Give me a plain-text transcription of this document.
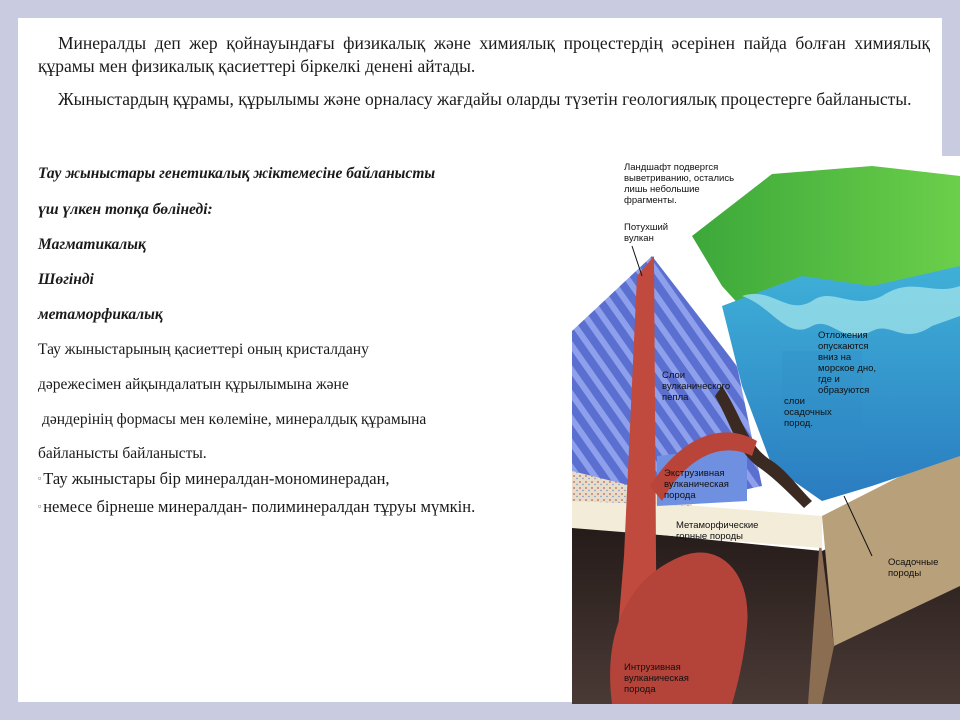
Минералды деп жер қойнауындағы физикалық және химиялық процестердің әсерінен пайда болған химиялық құрамы мен физикалық қасиеттері біркелкі денені айтады.

Жыныстардың құрамы, құрылымы және орналасу жағдайы оларды түзетін геологиялық процестерге байланысты.

Тау жыныстары генетикалық жіктемесіне байланысты
үш үлкен топқа бөлінеді:
Магматикалық
Шөгінді
метаморфикалық
Тау жыныстарының қасиеттері оның кристалдану
дәрежесімен айқындалатын құрылымына және
дәндерінің формасы мен көлеміне, минералдық құрамына
байланысты байланысты.
▫ Тау жыныстары бір минералдан-мономинерадан,
▫ немесе бірнеше минералдан- полиминералдан тұруы мүмкін.
Ландшафт подвергся
выветриванию, остались
лишь небольшие
фрагменты.
Потухший
вулкан
Отложения
опускаются
вниз на
морское дно,
где и
образуются
слои
осадочных
пород.
Слои
вулканического
пепла
Экструзивная
вулканическая
порода
Метаморфические
горные породы
Осадочные
породы
Интрузивная
вулканическая
порода
